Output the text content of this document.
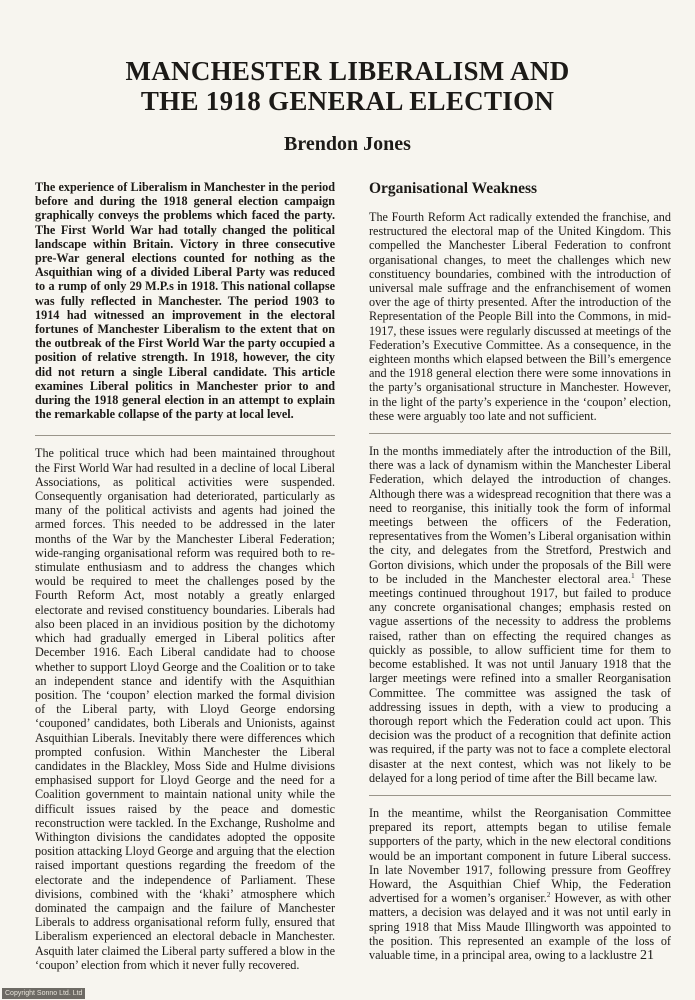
MANCHESTER LIBERALISM AND
THE 1918 GENERAL ELECTION
Brendon Jones

The experience of Liberalism in Manchester in the period before and during the 1918 general election campaign graphically conveys the problems which faced the party. The First World War had totally changed the political landscape within Britain. Victory in three consecutive pre-War general elections counted for nothing as the Asquithian wing of a divided Liberal Party was reduced to a rump of only 29 M.P.s in 1918. This national collapse was fully reflected in Manchester. The period 1903 to 1914 had witnessed an improvement in the electoral fortunes of Manchester Liberalism to the extent that on the outbreak of the First World War the party occupied a position of relative strength. In 1918, however, the city did not return a single Liberal candidate. This article examines Liberal politics in Manchester prior to and during the 1918 general election in an attempt to explain the remarkable collapse of the party at local level.

The political truce which had been maintained throughout the First World War had resulted in a decline of local Liberal Associations, as political activities were suspended. Consequently organisation had deteriorated, particularly as many of the political activists and agents had joined the armed forces. This needed to be addressed in the later months of the War by the Manchester Liberal Federation; wide-ranging organisational reform was required both to re-stimulate enthusiasm and to address the changes which would be required to meet the challenges posed by the Fourth Reform Act, most notably a greatly enlarged electorate and revised constituency boundaries. Liberals had also been placed in an invidious position by the dichotomy which had gradually emerged in Liberal politics after December 1916. Each Liberal candidate had to choose whether to support Lloyd George and the Coalition or to take an independent stance and identify with the Asquithian position. The ‘coupon’ election marked the formal division of the Liberal party, with Lloyd George endorsing ‘couponed’ candidates, both Liberals and Unionists, against Asquithian Liberals. Inevitably there were differences which prompted confusion. Within Manchester the Liberal candidates in the Blackley, Moss Side and Hulme divisions emphasised support for Lloyd George and the need for a Coalition government to maintain national unity while the difficult issues raised by the peace and domestic reconstruction were tackled. In the Exchange, Rusholme and Withington divisions the candidates adopted the opposite position attacking Lloyd George and arguing that the election raised important questions regarding the freedom of the electorate and the independence of Parliament. These divisions, combined with the ‘khaki’ atmosphere which dominated the campaign and the failure of Manchester Liberals to address organisational reform fully, ensured that Liberalism experienced an electoral debacle in Manchester. Asquith later claimed the Liberal party suffered a blow in the ‘coupon’ election from which it never fully recovered.

Organisational Weakness

The Fourth Reform Act radically extended the franchise, and restructured the electoral map of the United Kingdom. This compelled the Manchester Liberal Federation to confront organisational changes, to meet the challenges which new constituency boundaries, combined with the introduction of universal male suffrage and the enfranchisement of women over the age of thirty presented. After the introduction of the Representation of the People Bill into the Commons, in mid-1917, these issues were regularly discussed at meetings of the Federation’s Executive Committee. As a consequence, in the eighteen months which elapsed between the Bill’s emergence and the 1918 general election there were some innovations in the party’s organisational structure in Manchester. However, in the light of the party’s experience in the ‘coupon’ election, these were arguably too late and not sufficient.

In the months immediately after the introduction of the Bill, there was a lack of dynamism within the Manchester Liberal Federation, which delayed the introduction of changes. Although there was a widespread recognition that there was a need to reorganise, this initially took the form of informal meetings between the officers of the Federation, representatives from the Women’s Liberal organisation within the city, and delegates from the Stretford, Prestwich and Gorton divisions, which under the proposals of the Bill were to be included in the Manchester electoral area.$^1$ These meetings continued throughout 1917, but failed to produce any concrete organisational changes; emphasis rested on vague assertions of the necessity to address the problems raised, rather than on effecting the required changes as quickly as possible, to allow sufficient time for them to become established. It was not until January 1918 that the larger meetings were refined into a smaller Reorganisation Committee. The committee was assigned the task of addressing issues in depth, with a view to producing a thorough report which the Federation could act upon. This decision was the product of a recognition that definite action was required, if the party was not to face a complete electoral disaster at the next contest, which was not likely to be delayed for a long period of time after the Bill became law.

In the meantime, whilst the Reorganisation Committee prepared its report, attempts began to utilise female supporters of the party, which in the new electoral conditions would be an important component in future Liberal success. In late November 1917, following pressure from Geoffrey Howard, the Asquithian Chief Whip, the Federation advertised for a women’s organiser.$^2$ However, as with other matters, a decision was delayed and it was not until early in spring 1918 that Miss Maude Illingworth was appointed to the position. This represented an example of the loss of valuable time, in a principal area, owing to a lacklustre 21

Copyright Sonno Ltd. Ltd
